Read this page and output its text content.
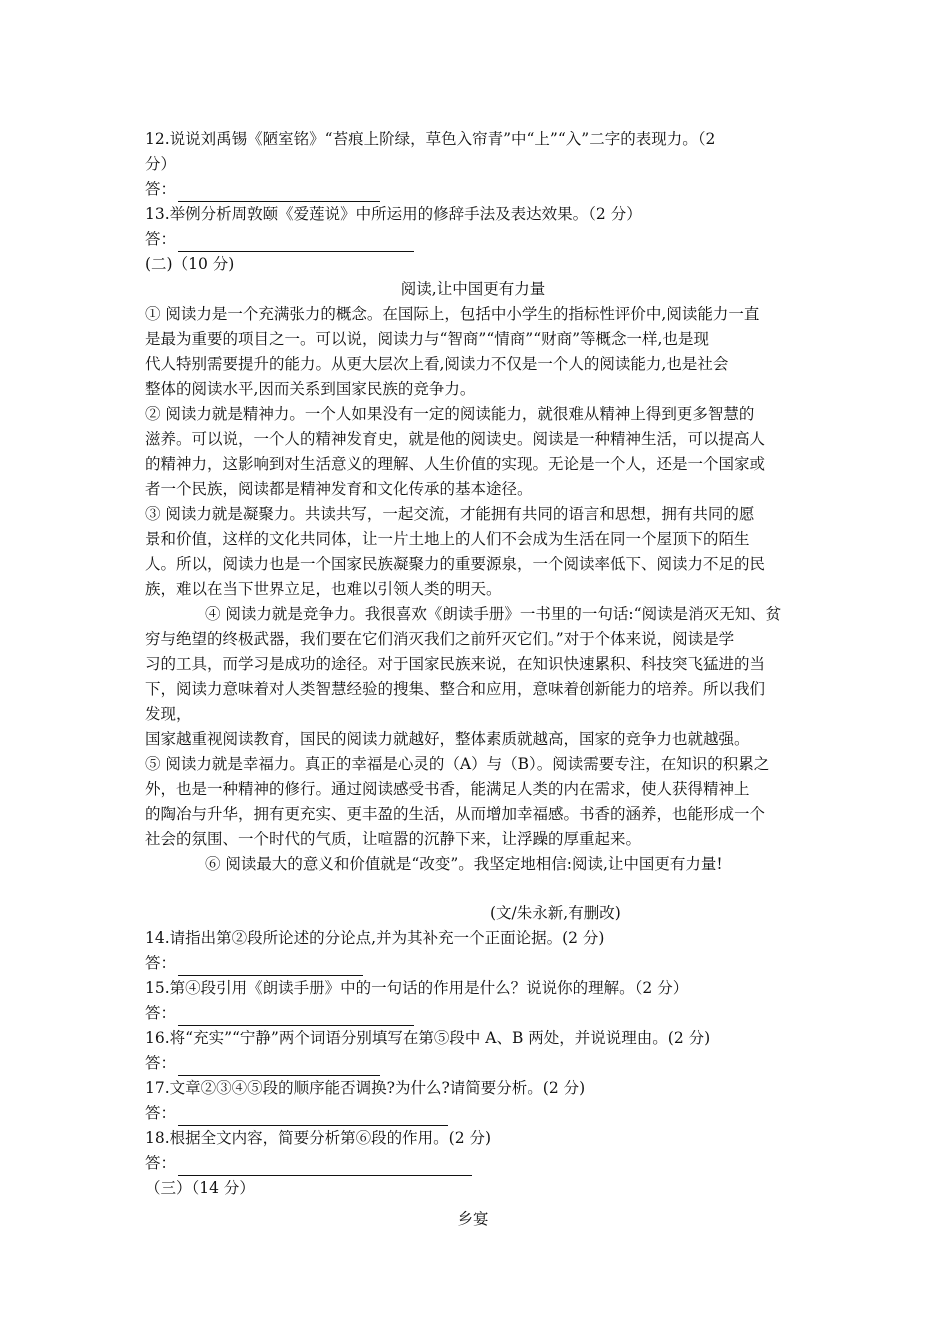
12.说说刘禹锡《陋室铭》“苔痕上阶绿，草色入帘青”中“上”“入”二字的表现力。（2
分）
答：
13.举例分析周敦颐《爱莲说》中所运用的修辞手法及表达效果。（2 分）
答：
(二)（10 分)
阅读,让中国更有力量
① 阅读力是一个充满张力的概念。在国际上，包括中小学生的指标性评价中,阅读能力一直
是最为重要的项目之一。可以说，阅读力与“智商”“情商”“财商”等概念一样,也是现
代人特别需要提升的能力。从更大层次上看,阅读力不仅是一个人的阅读能力,也是社会
整体的阅读水平,因而关系到国家民族的竞争力。
② 阅读力就是精神力。一个人如果没有一定的阅读能力，就很难从精神上得到更多智慧的
滋养。可以说，一个人的精神发育史，就是他的阅读史。阅读是一种精神生活，可以提高人
的精神力，这影响到对生活意义的理解、人生价值的实现。无论是一个人，还是一个国家或
者一个民族，阅读都是精神发育和文化传承的基本途径。
③ 阅读力就是凝聚力。共读共写，一起交流，才能拥有共同的语言和思想，拥有共同的愿
景和价值，这样的文化共同体，让一片土地上的人们不会成为生活在同一个屋顶下的陌生
人。所以，阅读力也是一个国家民族凝聚力的重要源泉，一个阅读率低下、阅读力不足的民
族，难以在当下世界立足，也难以引领人类的明天。
④ 阅读力就是竞争力。我很喜欢《朗读手册》一书里的一句话:“阅读是消灭无知、贫
穷与绝望的终极武器，我们要在它们消灭我们之前歼灭它们。”对于个体来说，阅读是学
习的工具，而学习是成功的途径。对于国家民族来说，在知识快速累积、科技突飞猛进的当
下，阅读力意味着对人类智慧经验的搜集、整合和应用，意味着创新能力的培养。所以我们
发现，
国家越重视阅读教育，国民的阅读力就越好，整体素质就越高，国家的竞争力也就越强。
⑤ 阅读力就是幸福力。真正的幸福是心灵的（A）与（B）。阅读需要专注，在知识的积累之
外，也是一种精神的修行。通过阅读感受书香，能满足人类的内在需求，使人获得精神上
的陶冶与升华，拥有更充实、更丰盈的生活，从而增加幸福感。书香的涵养，也能形成一个
社会的氛围、一个时代的气质，让喧嚣的沉静下来，让浮躁的厚重起来。
⑥ 阅读最大的意义和价值就是“改变”。我坚定地相信:阅读,让中国更有力量!
(文/朱永新,有删改)
14.请指出第②段所论述的分论点,并为其补充一个正面论据。(2 分)
答：
15.第④段引用《朗读手册》中的一句话的作用是什么？说说你的理解。（2 分）
答：
16.将“充实”“宁静”两个词语分别填写在第⑤段中 A、B 两处，并说说理由。(2 分)
答：
17.文章②③④⑤段的顺序能否调换?为什么?请简要分析。(2 分)
答：
18.根据全文内容，简要分析第⑥段的作用。(2 分)
答：
（三）（14 分）
乡宴
